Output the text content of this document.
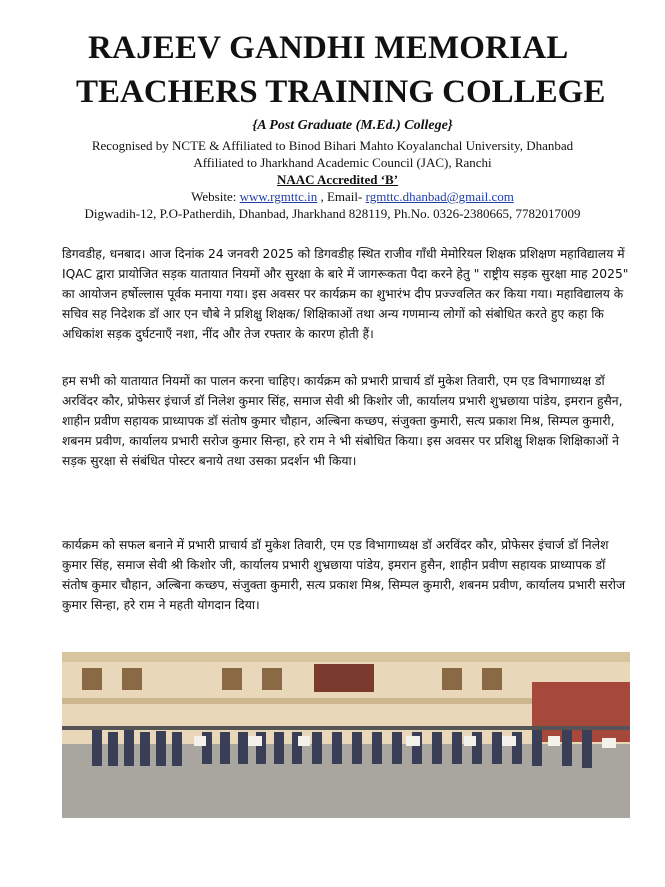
RAJEEV GANDHI MEMORIAL
TEACHERS TRAINING COLLEGE
{A Post Graduate (M.Ed.) College}
Recognised by NCTE & Affiliated to Binod Bihari Mahto Koyalanchal University, Dhanbad
Affiliated to Jharkhand Academic Council (JAC), Ranchi
NAAC Accredited ‘B’
Website: www.rgmttc.in , Email- rgmttc.dhanbad@gmail.com
Digwadih-12, P.O-Patherdih, Dhanbad, Jharkhand 828119, Ph.No. 0326-2380665, 7782017009

डिगवडीह, धनबाद। आज दिनांक 24 जनवरी 2025 को डिगवडीह स्थित राजीव गाँधी मेमोरियल शिक्षक प्रशिक्षण महाविद्यालय में IQAC द्वारा प्रायोजित सड़क यातायात नियमों और सुरक्षा के बारे में जागरूकता पैदा करने हेतु " राष्ट्रीय सड़क सुरक्षा माह 2025" का आयोजन हर्षोल्लास पूर्वक मनाया गया। इस अवसर पर कार्यक्रम का शुभारंभ दीप प्रज्ज्वलित कर किया गया। महाविद्यालय के सचिव सह निदेशक डॉ आर एन चौबे ने प्रशिक्षु शिक्षक/ शिक्षिकाओं तथा अन्य गणमान्य लोगों को संबोधित करते हुए कहा कि अधिकांश सड़क दुर्घटनाएँ नशा, नींद और तेज रफ्तार के कारण होती हैं।

हम सभी को यातायात नियमों का पालन करना चाहिए। कार्यक्रम को प्रभारी प्राचार्य डॉ मुकेश तिवारी, एम एड विभागाध्यक्ष डॉ अरविंदर कौर, प्रोफेसर इंचार्ज डॉ निलेश कुमार सिंह, समाज सेवी श्री किशोर जी, कार्यालय प्रभारी शुभ्रछाया पांडेय, इमरान हुसैन, शाहीन प्रवीण सहायक प्राध्यापक डॉ संतोष कुमार चौहान, अल्बिना कच्छप, संजुक्ता कुमारी, सत्य प्रकाश मिश्र, सिम्पल कुमारी, शबनम प्रवीण, कार्यालय प्रभारी सरोज कुमार सिन्हा, हरे राम ने भी संबोधित किया। इस अवसर पर प्रशिक्षु शिक्षक शिक्षिकाओं ने सड़क सुरक्षा से संबंधित पोस्टर बनाये तथा उसका प्रदर्शन भी किया।

कार्यक्रम को सफल बनाने में प्रभारी प्राचार्य डॉ मुकेश तिवारी, एम एड विभागाध्यक्ष डॉ अरविंदर कौर, प्रोफेसर इंचार्ज डॉ निलेश कुमार सिंह, समाज सेवी श्री किशोर जी, कार्यालय प्रभारी शुभ्रछाया पांडेय, इमरान हुसैन, शाहीन प्रवीण सहायक प्राध्यापक डॉ संतोष कुमार चौहान, अल्बिना कच्छप, संजुक्ता कुमारी, सत्य प्रकाश मिश्र, सिम्पल कुमारी, शबनम प्रवीण, कार्यालय प्रभारी सरोज कुमार सिन्हा, हरे राम ने महती योगदान दिया।
